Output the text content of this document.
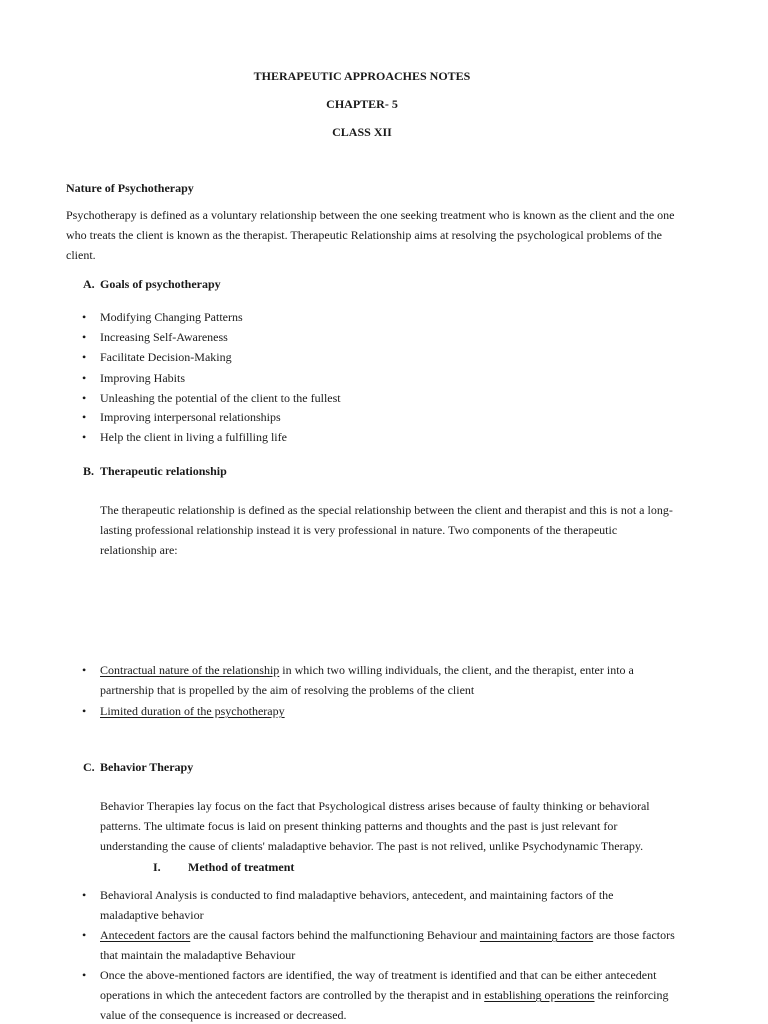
THERAPEUTIC APPROACHES NOTES
CHAPTER- 5
CLASS XII
Nature of Psychotherapy
Psychotherapy is defined as a voluntary relationship between the one seeking treatment who is known as the client and the one
who treats the client is known as the therapist. Therapeutic Relationship aims at resolving the psychological problems of the
client.
A. Goals of psychotherapy
• Modifying Changing Patterns
• Increasing Self-Awareness
• Facilitate Decision-Making
• Improving Habits
• Unleashing the potential of the client to the fullest
• Improving interpersonal relationships
• Help the client in living a fulfilling life
B. Therapeutic relationship
The therapeutic relationship is defined as the special relationship between the client and therapist and this is not a long-
lasting professional relationship instead it is very professional in nature. Two components of the therapeutic
relationship are:
• Contractual nature of the relationship in which two willing individuals, the client, and the therapist, enter into a
partnership that is propelled by the aim of resolving the problems of the client
• Limited duration of the psychotherapy
C. Behavior Therapy
Behavior Therapies lay focus on the fact that Psychological distress arises because of faulty thinking or behavioral
patterns. The ultimate focus is laid on present thinking patterns and thoughts and the past is just relevant for
understanding the cause of clients' maladaptive behavior. The past is not relived, unlike Psychodynamic Therapy.
I. Method of treatment
• Behavioral Analysis is conducted to find maladaptive behaviors, antecedent, and maintaining factors of the
maladaptive behavior
• Antecedent factors are the causal factors behind the malfunctioning Behaviour and maintaining factors are those factors
that maintain the maladaptive Behaviour
• Once the above-mentioned factors are identified, the way of treatment is identified and that can be either antecedent
operations in which the antecedent factors are controlled by the therapist and in establishing operations the reinforcing
value of the consequence is increased or decreased.
